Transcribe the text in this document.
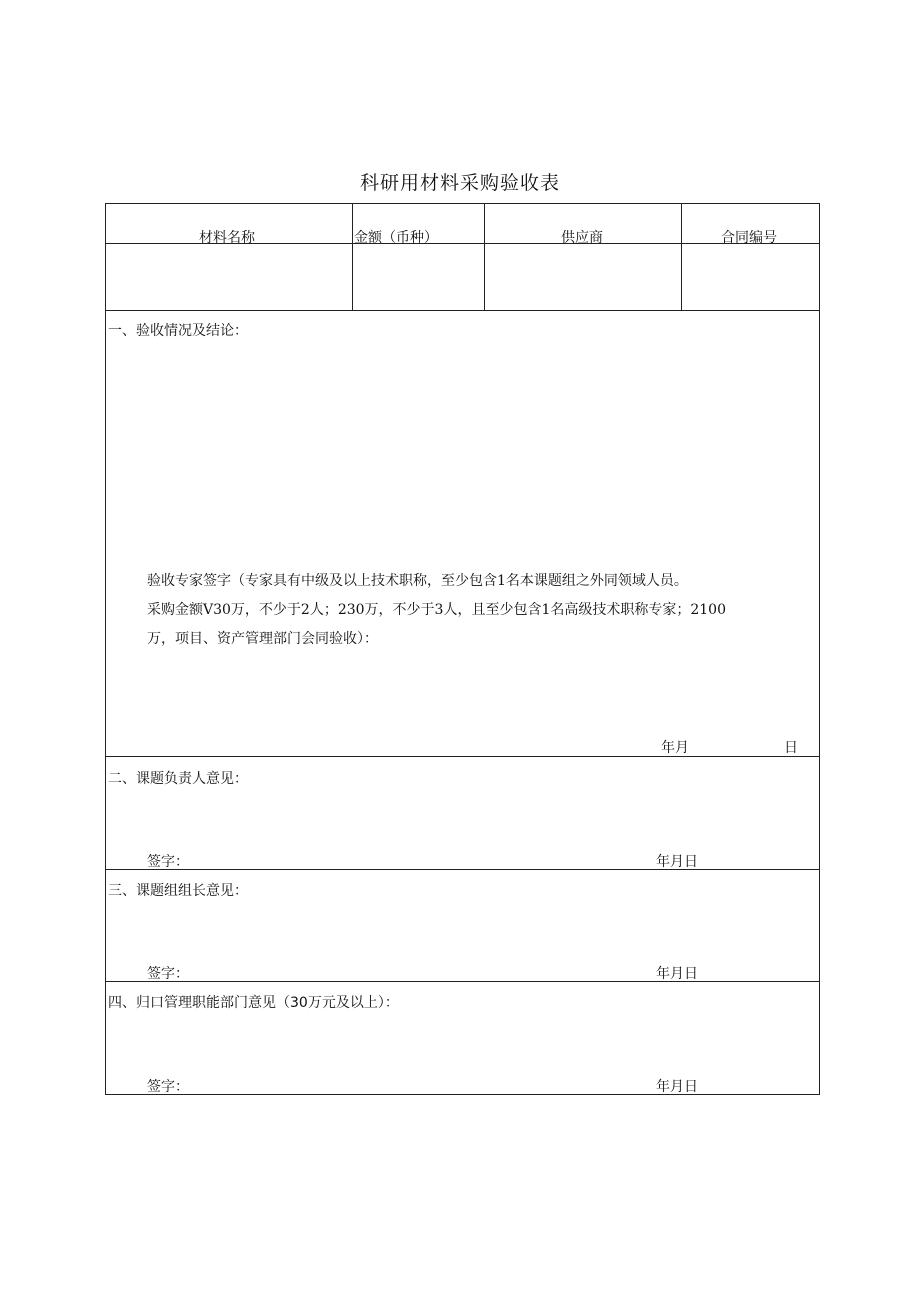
科研用材料采购验收表
材料名称	金额（币种）	供应商	合同编号
一、验收情况及结论：
验收专家签字（专家具有中级及以上技术职称，至少包含1名本课题组之外同领域人员。
采购金额V30万，不少于2人；230万，不少于3人，且至少包含1名高级技术职称专家；2100
万，项目、资产管理部门会同验收）：
年月	日
二、课题负责人意见：
签字：	年月日
三、课题组组长意见：
签字：	年月日
四、归口管理职能部门意见（30万元及以上）：
签字：	年月日
